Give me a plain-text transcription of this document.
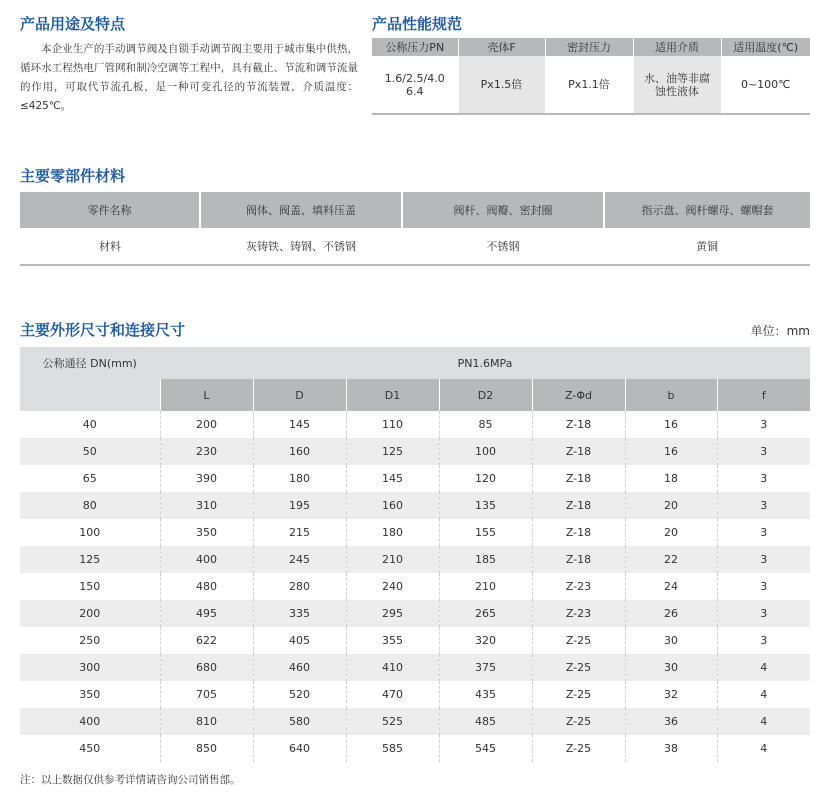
产品用途及特点

本企业生产的手动调节阀及自锁手动调节阀主要用于城市集中供热，循环水工程热电厂管网和制冷空调等工程中，具有截止、节流和调节流量的作用，可取代节流孔板，是一种可变孔径的节流装置，介质温度：≤425℃。

产品性能规范
公称压力PN	壳体F	密封压力	适用介质	适用温度(℃)
1.6/2.5/4.0 6.4	Px1.5倍	Px1.1倍	水、油等非腐蚀性液体	0~100℃
主要零部件材料
零件名称	阀体、阀盖、填料压盖	阀杆、阀瓣、密封圈	指示盘、阀杆螺母、螺帽套
材料	灰铸铁、铸钢、不锈钢	不锈钢	黄铜
主要外形尺寸和连接尺寸	单位：mm
公称通径 DN(mm)	PN1.6MPa						
	L	D	D1	D2	Z-Φd	b	f
40	200	145	110	85	Z-18	16	3
50	230	160	125	100	Z-18	16	3
65	390	180	145	120	Z-18	18	3
80	310	195	160	135	Z-18	20	3
100	350	215	180	155	Z-18	20	3
125	400	245	210	185	Z-18	22	3
150	480	280	240	210	Z-23	24	3
200	495	335	295	265	Z-23	26	3
250	622	405	355	320	Z-25	30	3
300	680	460	410	375	Z-25	30	4
350	705	520	470	435	Z-25	32	4
400	810	580	525	485	Z-25	36	4
450	850	640	585	545	Z-25	38	4

注：以上数据仅供参考详情请咨询公司销售部。
